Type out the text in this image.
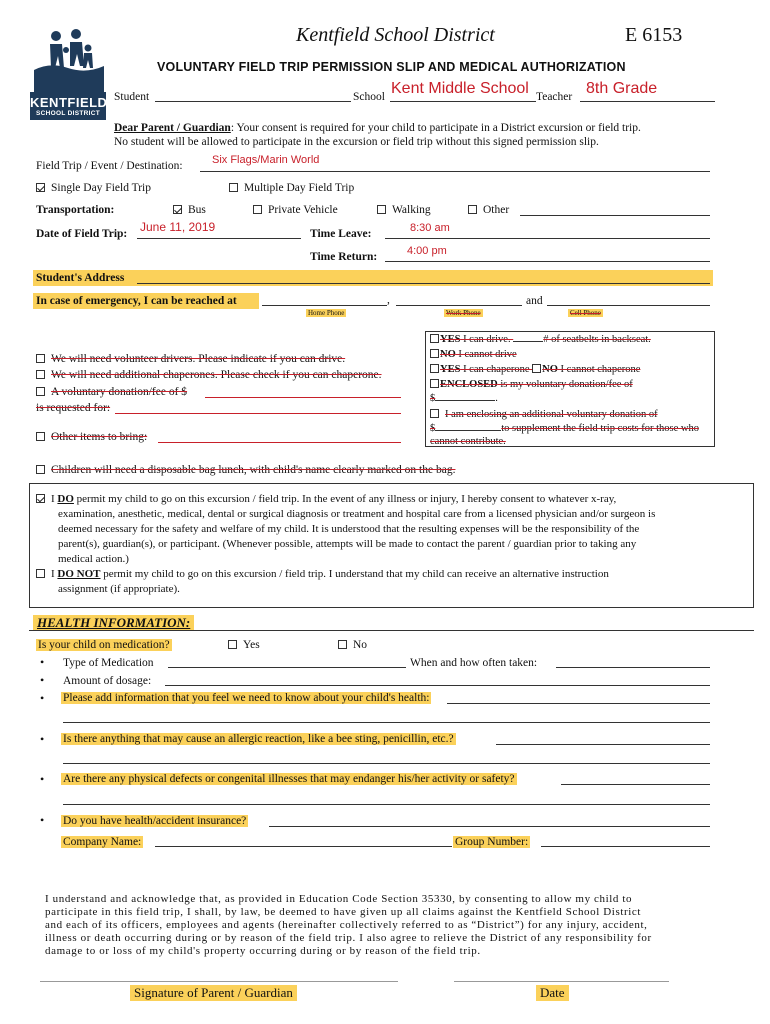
KENTFIELD
SCHOOL DISTRICT
Kentfield School District	E 6153
VOLUNTARY FIELD TRIP PERMISSION SLIP AND MEDICAL AUTHORIZATION
Student	School Kent Middle School Teacher 8th Grade
Dear Parent / Guardian: Your consent is required for your child to participate in a District excursion or field trip.
No student will be allowed to participate in the excursion or field trip without this signed permission slip.
Field Trip / Event / Destination:	Six Flags/Marin World
Single Day Field Trip	Multiple Day Field Trip
Transportation:	Bus	Private Vehicle	Walking	Other
Date of Field Trip: June 11, 2019	Time Leave:	8:30 am
Time Return:	4:00 pm
Student's Address
In case of emergency, I can be reached at	,	and
Home Phone	Work Phone	Cell Phone
We will need volunteer drivers. Please indicate if you can drive.
We will need additional chaperones. Please check if you can chaperone.
A voluntary donation/fee of $
is requested for:
Other items to bring:
YES I can drive.	# of seatbelts in backseat.
NO I cannot drive
YES I can chaperone NO I cannot chaperone
ENCLOSED is my voluntary donation/fee of
$	.
I am enclosing an additional voluntary donation of
$	to supplement the field trip costs for those who
cannot contribute.
Children will need a disposable bag lunch, with child's name clearly marked on the bag.
I DO permit my child to go on this excursion / field trip. In the event of any illness or injury, I hereby consent to whatever x-ray,
examination, anesthetic, medical, dental or surgical diagnosis or treatment and hospital care from a licensed physician and/or surgeon is
deemed necessary for the safety and welfare of my child. It is understood that the resulting expenses will be the responsibility of the
parent(s), guardian(s), or participant. (Whenever possible, attempts will be made to contact the parent / guardian prior to taking any
medical action.)
I DO NOT permit my child to go on this excursion / field trip. I understand that my child can receive an alternative instruction
assignment (if appropriate).
HEALTH INFORMATION:
Is your child on medication?	Yes	No
• Type of Medication	When and how often taken:
• Amount of dosage:
• Please add information that you feel we need to know about your child's health:
• Is there anything that may cause an allergic reaction, like a bee sting, penicillin, etc.?
• Are there any physical defects or congenital illnesses that may endanger his/her activity or safety?
• Do you have health/accident insurance?
Company Name:	Group Number:
I understand and acknowledge that, as provided in Education Code Section 35330, by consenting to allow my child to
participate in this field trip, I shall, by law, be deemed to have given up all claims against the Kentfield School District
and each of its officers, employees and agents (hereinafter collectively referred to as “District”) for any injury, accident,
illness or death occurring during or by reason of the field trip. I also agree to relieve the District of any responsibility for
damage to or loss of my child's property occurring during or by reason of the field trip.
Signature of Parent / Guardian	Date
